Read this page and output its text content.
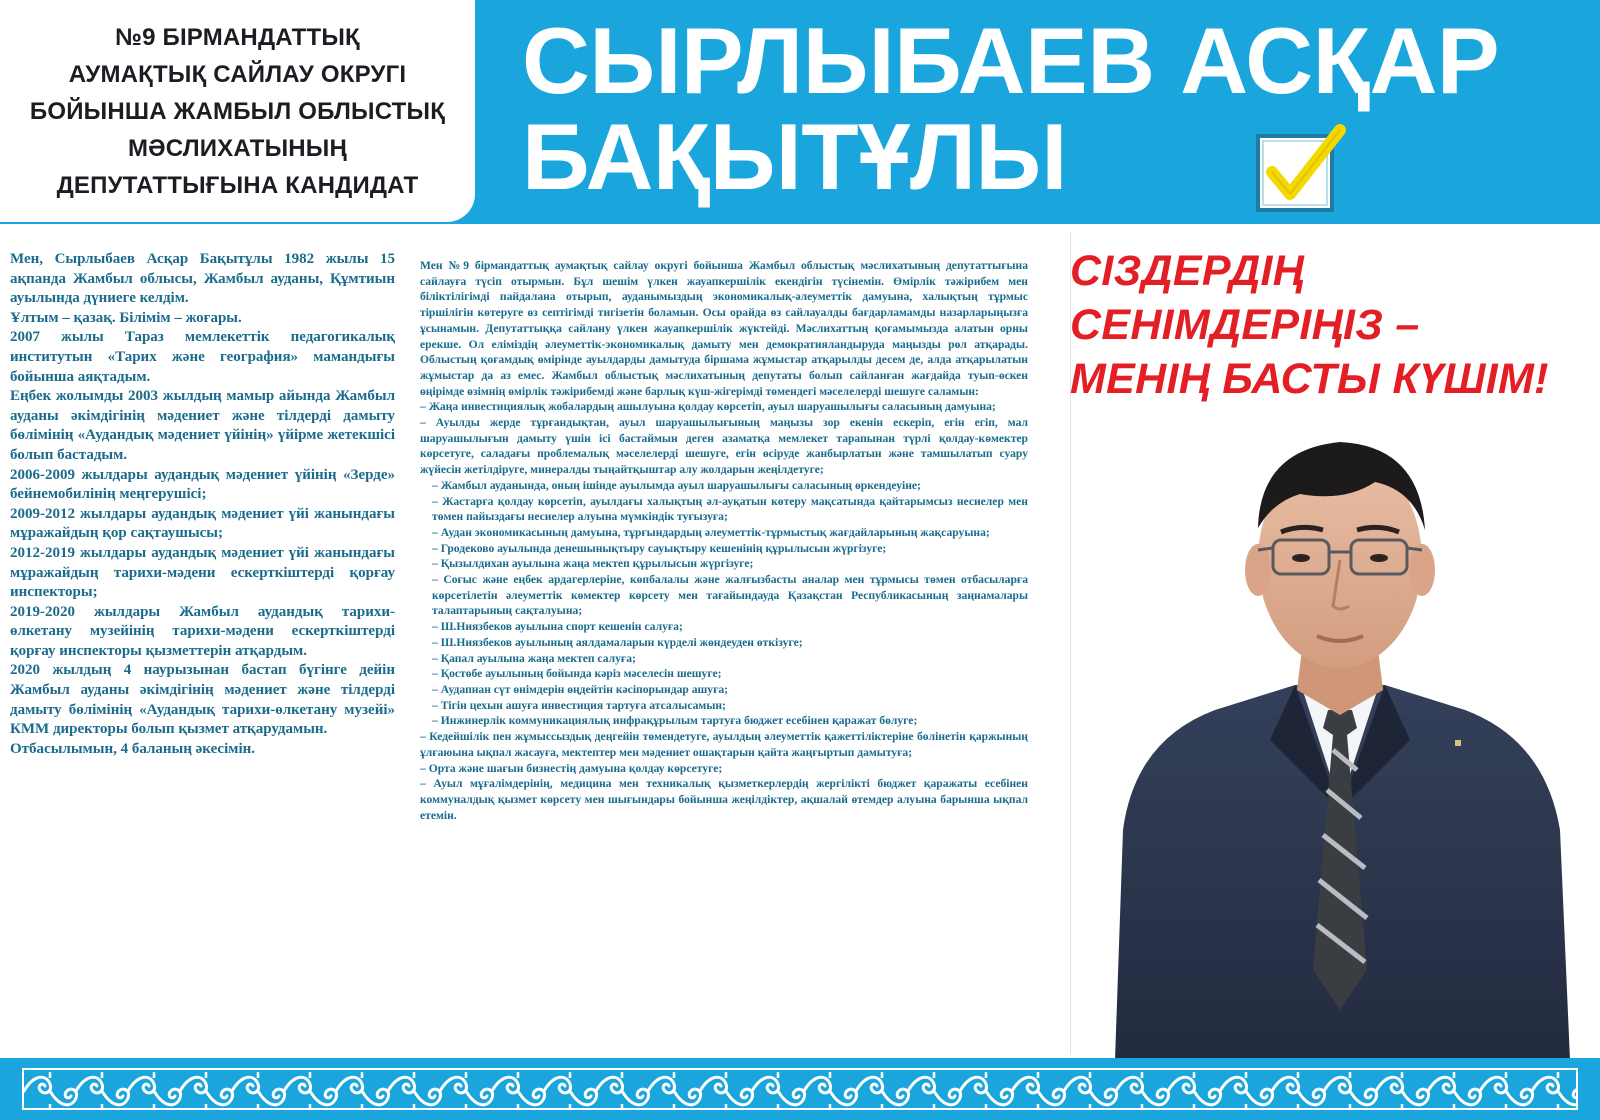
№9 БІРМАНДАТТЫҚ
АУМАҚТЫҚ САЙЛАУ ОКРУГІ
БОЙЫНША ЖАМБЫЛ ОБЛЫСТЫҚ
МӘСЛИХАТЫНЫҢ
ДЕПУТАТТЫҒЫНА КАНДИДАТ
СЫРЛЫБАЕВ АСҚАР
БАҚЫТҰЛЫ

Мен, Сырлыбаев Асқар Бақытұлы 1982 жылы 15 ақпанда Жамбыл облысы, Жамбыл ауданы, Құмтиын ауылында дүниеге келдім.

Ұлтым – қазақ. Білімім – жоғары.

2007 жылы Тараз мемлекеттік педагогикалық институтын «Тарих және география» мамандығы бойынша аяқтадым.

Еңбек жолымды 2003 жылдың мамыр айында Жамбыл ауданы әкімдігінің мәдениет және тілдерді дамыту бөлімінің «Аудандық мәдениет үйінің» үйірме жетекшісі болып бастадым.

2006-2009 жылдары аудандық мәдениет үйінің «Зерде» бейнемобилінің меңгерушісі;

2009-2012 жылдары аудандық мәдениет үйі жанындағы мұражайдың қор сақтаушысы;

2012-2019 жылдары аудандық мәдениет үйі жанындағы мұражайдың тарихи-мәдени ескерткіштерді қорғау инспекторы;

2019-2020 жылдары Жамбыл аудандық тарихи-өлкетану музейінің тарихи-мәдени ескерткіштерді қорғау инспекторы қызметтерін атқардым.

2020 жылдың 4 наурызынан бастап бүгінге дейін Жамбыл ауданы әкімдігінің мәдениет және тілдерді дамыту бөлімінің «Аудандық тарихи-өлкетану музейі» КММ директоры болып қызмет атқарудамын.

Отбасылымын, 4 баланың әкесімін.

Мен №9 бірмандаттық аумақтық сайлау округі бойынша Жамбыл облыстық мәслихатының депутаттығына сайлауға түсіп отырмын. Бұл шешім үлкен жауапкершілік екендігін түсінемін. Өмірлік тәжірибем мен біліктілігімді пайдалана отырып, ауданымыздың экономикалық-әлеуметтік дамуына, халықтың тұрмыс тіршілігін көтеруге өз септігімді тигізетін боламын. Осы орайда өз сайлауалды бағдарламамды назарларыңызға ұсынамын. Депутаттыққа сайлану үлкен жауапкершілік жүктейді. Мәслихаттың қоғамымызда алатын орны ерекше. Ол еліміздің әлеуметтік-экономикалық дамыту мен демократияландыруда маңызды рөл атқарады. Облыстың қоғамдық өмірінде ауылдарды дамытуда біршама жұмыстар атқарылды десем де, алда атқарылатын жұмыстар да аз емес. Жамбыл облыстық мәслихатының депутаты болып сайланған жағдайда туып-өскен өңірімде өзімнің өмірлік тәжірибемді және барлық күш-жігерімді төмендегі мәселелерді шешуге саламын:

– Жаңа инвестициялық жобалардың ашылуына қолдау көрсетіп, ауыл шаруашылығы саласының дамуына;

– Ауылды жерде тұрғандықтан, ауыл шаруашылығының маңызы зор екенін ескеріп, егін егіп, мал шаруашылығын дамыту үшін ісі бастаймын деген азаматқа мемлекет тарапынан түрлі қолдау-көмектер көрсетуге, саладағы проблемалық мәселелерді шешуге, егін өсіруде жанбырлатын және тамшылатып суару жүйесін жетілдіруге, минералды тыңайтқыштар алу жолдарын жеңілдетуге;

– Жамбыл ауданында, оның ішінде ауылымда ауыл шаруашылығы саласының өркендеуіне;

– Жастарға қолдау көрсетіп, ауылдағы халықтың әл-ауқатын көтеру мақсатында қайтарымсыз несиелер мен төмен пайыздағы несиелер алуына мүмкіндік туғызуға;

– Аудан экономикасының дамуына, тұрғындардың әлеуметтік-тұрмыстық жағдайларының жақсаруына;

– Гродеково ауылында денешынықтыру сауықтыру кешенінің құрылысын жүргізуге;

– Қызылдихан ауылына жаңа мектеп құрылысын жүргізуге;

– Соғыс және еңбек ардагерлеріне, көпбалалы және жалғызбасты аналар мен тұрмысы төмен отбасыларға көрсетілетін әлеуметтік көмектер көрсету мен тағайындауда Қазақстан Республикасының заңнамалары талаптарының сақталуына;

– Ш.Ниязбеков ауылына спорт кешенін салуға;

– Ш.Ниязбеков ауылының аялдамаларын күрделі жөндеуден өткізуге;

– Қапал ауылына жаңа мектеп салуға;

– Қостөбе ауылының бойында кәріз мәселесін шешуге;

– Аудапнан сүт өнімдерін өңдейтін кәсіпорындар ашуға;

– Тігін цехын ашуға инвестиция тартуға атсалысамын;

– Инжинерлік коммуникациялық инфрақұрылым тартуға бюджет есебінен қаражат бөлуге;

– Кедейшілік пен жұмыссыздық деңгейін төмендетуге, ауылдың әлеуметтік қажеттіліктеріне бөлінетін қаржының ұлғаюына ықпал жасауға, мектептер мен мәдениет ошақтарын қайта жаңғыртып дамытуға;

– Орта және шағын бизнестің дамуына қолдау көрсетуге;

– Ауыл мұғалімдерінің, медицина мен техникалық қызметкерлердің жергілікті бюджет қаражаты есебінен коммуналдық қызмет көрсету мен шығындары бойынша жеңілдіктер, ақшалай өтемдер алуына барынша ықпал етемін.

СІЗДЕРДІҢ
СЕНІМДЕРІҢІЗ –
МЕНІҢ БАСТЫ КҮШІМ!
